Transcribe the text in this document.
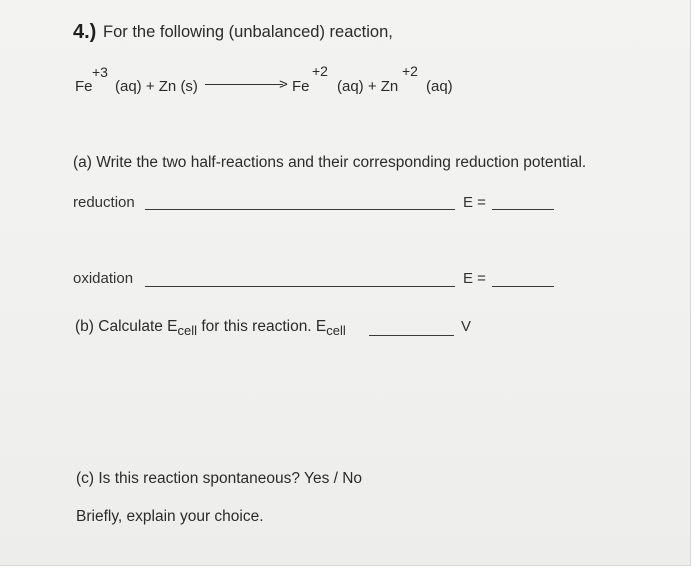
4.) For the following (unbalanced) reaction,
Fe
+3
(aq) + Zn (s)	> Fe
+2
(aq) + Zn
+2
(aq)
(a) Write the two half-reactions and their corresponding reduction potential.
reduction	E =
oxidation	E =
(b) Calculate $E_{cell}$ for this reaction. $E_{cell}$	V
(c) Is this reaction spontaneous? Yes / No
Briefly, explain your choice.
